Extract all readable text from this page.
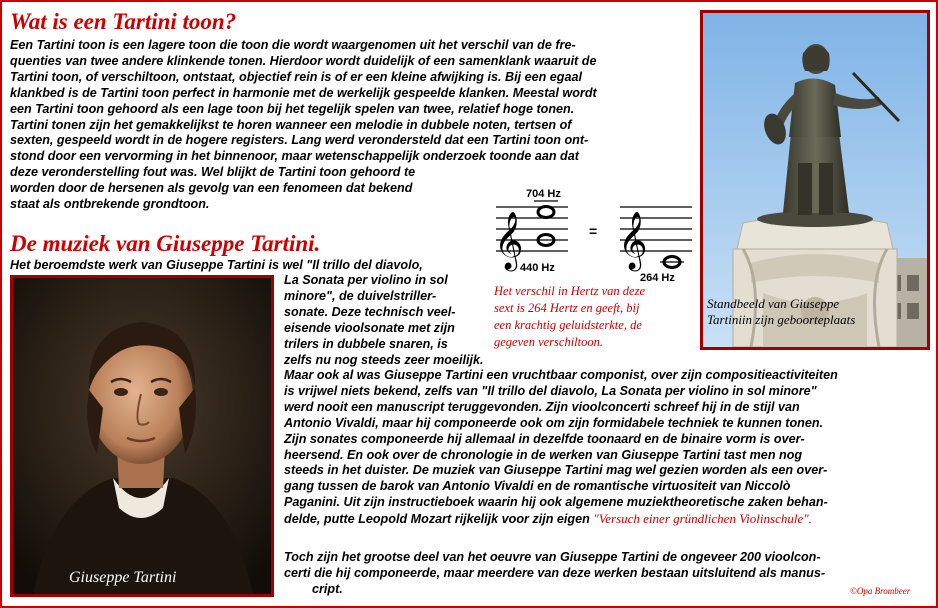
Wat is een Tartini toon?
Een Tartini toon is een lagere toon die toon die wordt waargenomen uit het verschil van de fre-
quenties van twee andere klinkende tonen. Hierdoor wordt duidelijk of een samenklank waaruit de
Tartini toon, of verschiltoon, ontstaat, objectief rein is of er een kleine afwijking is. Bij een egaal
klankbed is de Tartini toon perfect in harmonie met de werkelijk gespeelde klanken. Meestal wordt
een Tartini toon gehoord als een lage toon bij het tegelijk spelen van twee, relatief hoge tonen.
Tartini tonen zijn het gemakkelijkst te horen wanneer een melodie in dubbele noten, tertsen of
sexten, gespeeld wordt in de hogere registers. Lang werd verondersteld dat een Tartini toon ont-
stond door een vervorming in het binnenoor, maar wetenschappelijk onderzoek toonde aan dat
deze veronderstelling fout was. Wel blijkt de Tartini toon gehoord te
worden door de hersenen als gevolg van een fenomeen dat bekend
staat als ontbrekende grondtoon.
Standbeeld van Giuseppe
Tartiniin zijn geboorteplaats
𝄞
704 Hz
440 Hz
= 𝄞
264 Hz
Het verschil in Hertz van deze
sext is 264 Hertz en geeft, bij
een krachtig geluidsterkte, de
gegeven verschiltoon.
De muziek van Giuseppe Tartini.
Het beroemdste werk van Giuseppe Tartini is wel "Il trillo del diavolo,
Giuseppe Tartini
La Sonata per violino in sol
minore", de duivelstriller-
sonate. Deze technisch veel-
eisende vioolsonate met zijn
trilers in dubbele snaren, is
zelfs nu nog steeds zeer moeilijk.
Maar ook al was Giuseppe Tartini een vruchtbaar componist, over zijn compositieactiviteiten
is vrijwel niets bekend, zelfs van "Il trillo del diavolo, La Sonata per violino in sol minore"
werd nooit een manuscript teruggevonden. Zijn vioolconcerti schreef hij in de stijl van
Antonio Vivaldi, maar hij componeerde ook om zijn formidabele techniek te kunnen tonen.
Zijn sonates componeerde hij allemaal in dezelfde toonaard en de binaire vorm is over-
heersend. En ook over de chronologie in de werken van Giuseppe Tartini tast men nog
steeds in het duister. De muziek van Giuseppe Tartini mag wel gezien worden als een over-
gang tussen de barok van Antonio Vivaldi en de romantische virtuositeit van Niccolò
Paganini. Uit zijn instructieboek waarin hij ook algemene muziektheoretische zaken behan-
delde, putte Leopold Mozart rijkelijk voor zijn eigen "Versuch einer gründlichen Violinschule".
Toch zijn het grootse deel van het oeuvre van Giuseppe Tartini de ongeveer 200 vioolcon-
certi die hij componeerde, maar meerdere van deze werken bestaan uitsluitend als manus-
cript.	©Opa Brombeer
